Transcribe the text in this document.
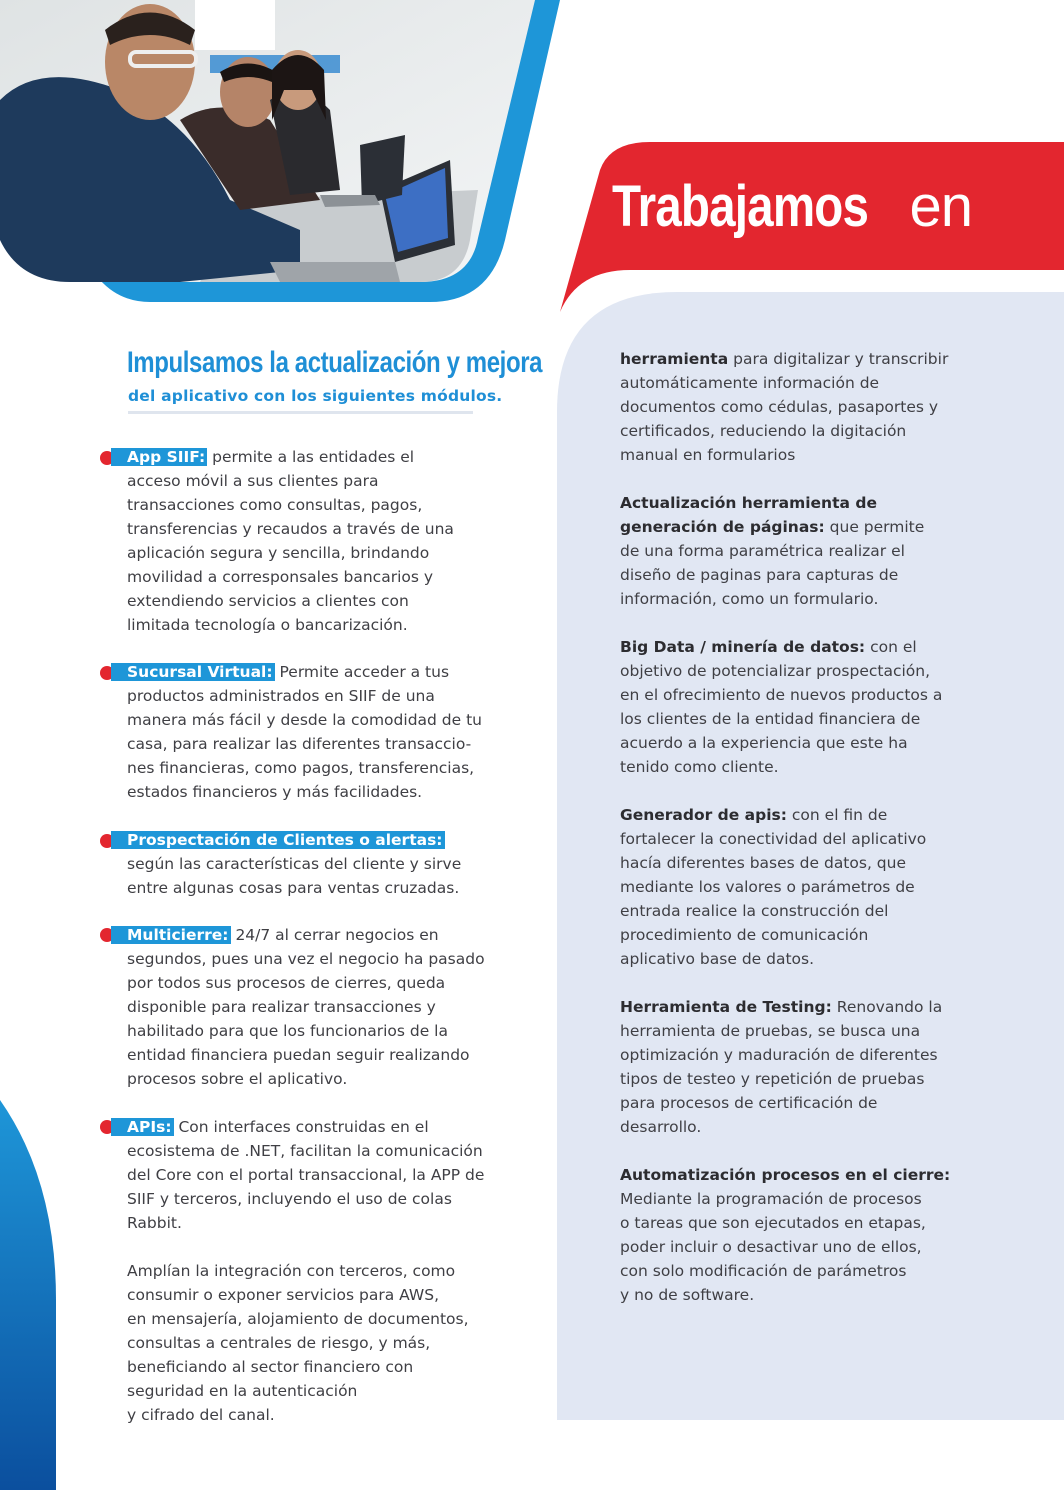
Trabajamos en
Impulsamos la actualización y mejora
del aplicativo con los siguientes módulos.
App SIIF: permite a las entidades el
acceso móvil a sus clientes para
transacciones como consultas, pagos,
transferencias y recaudos a través de una
aplicación segura y sencilla, brindando
movilidad a corresponsales bancarios y
extendiendo servicios a clientes con
limitada tecnología o bancarización.
Sucursal Virtual: Permite acceder a tus
productos administrados en SIIF de una
manera más fácil y desde la comodidad de tu
casa, para realizar las diferentes transaccio-
nes financieras, como pagos, transferencias,
estados financieros y más facilidades.
Prospectación de Clientes o alertas:
según las características del cliente y sirve
entre algunas cosas para ventas cruzadas.
Multicierre: 24/7 al cerrar negocios en
segundos, pues una vez el negocio ha pasado
por todos sus procesos de cierres, queda
disponible para realizar transacciones y
habilitado para que los funcionarios de la
entidad financiera puedan seguir realizando
procesos sobre el aplicativo.
APIs: Con interfaces construidas en el
ecosistema de .NET, facilitan la comunicación
del Core con el portal transaccional, la APP de
SIIF y terceros, incluyendo el uso de colas
Rabbit.
Amplían la integración con terceros, como
consumir o exponer servicios para AWS,
en mensajería, alojamiento de documentos,
consultas a centrales de riesgo, y más,
beneficiando al sector financiero con
seguridad en la autenticación
y cifrado del canal.
herramienta para digitalizar y transcribir
automáticamente información de
documentos como cédulas, pasaportes y
certificados, reduciendo la digitación
manual en formularios
Actualización herramienta de
generación de páginas: que permite
de una forma paramétrica realizar el
diseño de paginas para capturas de
información, como un formulario.
Big Data / minería de datos: con el
objetivo de potencializar prospectación,
en el ofrecimiento de nuevos productos a
los clientes de la entidad financiera de
acuerdo a la experiencia que este ha
tenido como cliente.
Generador de apis: con el fin de
fortalecer la conectividad del aplicativo
hacía diferentes bases de datos, que
mediante los valores o parámetros de
entrada realice la construcción del
procedimiento de comunicación
aplicativo base de datos.
Herramienta de Testing: Renovando la
herramienta de pruebas, se busca una
optimización y maduración de diferentes
tipos de testeo y repetición de pruebas
para procesos de certificación de
desarrollo.
Automatización procesos en el cierre:
Mediante la programación de procesos
o tareas que son ejecutados en etapas,
poder incluir o desactivar uno de ellos,
con solo modificación de parámetros
y no de software.
